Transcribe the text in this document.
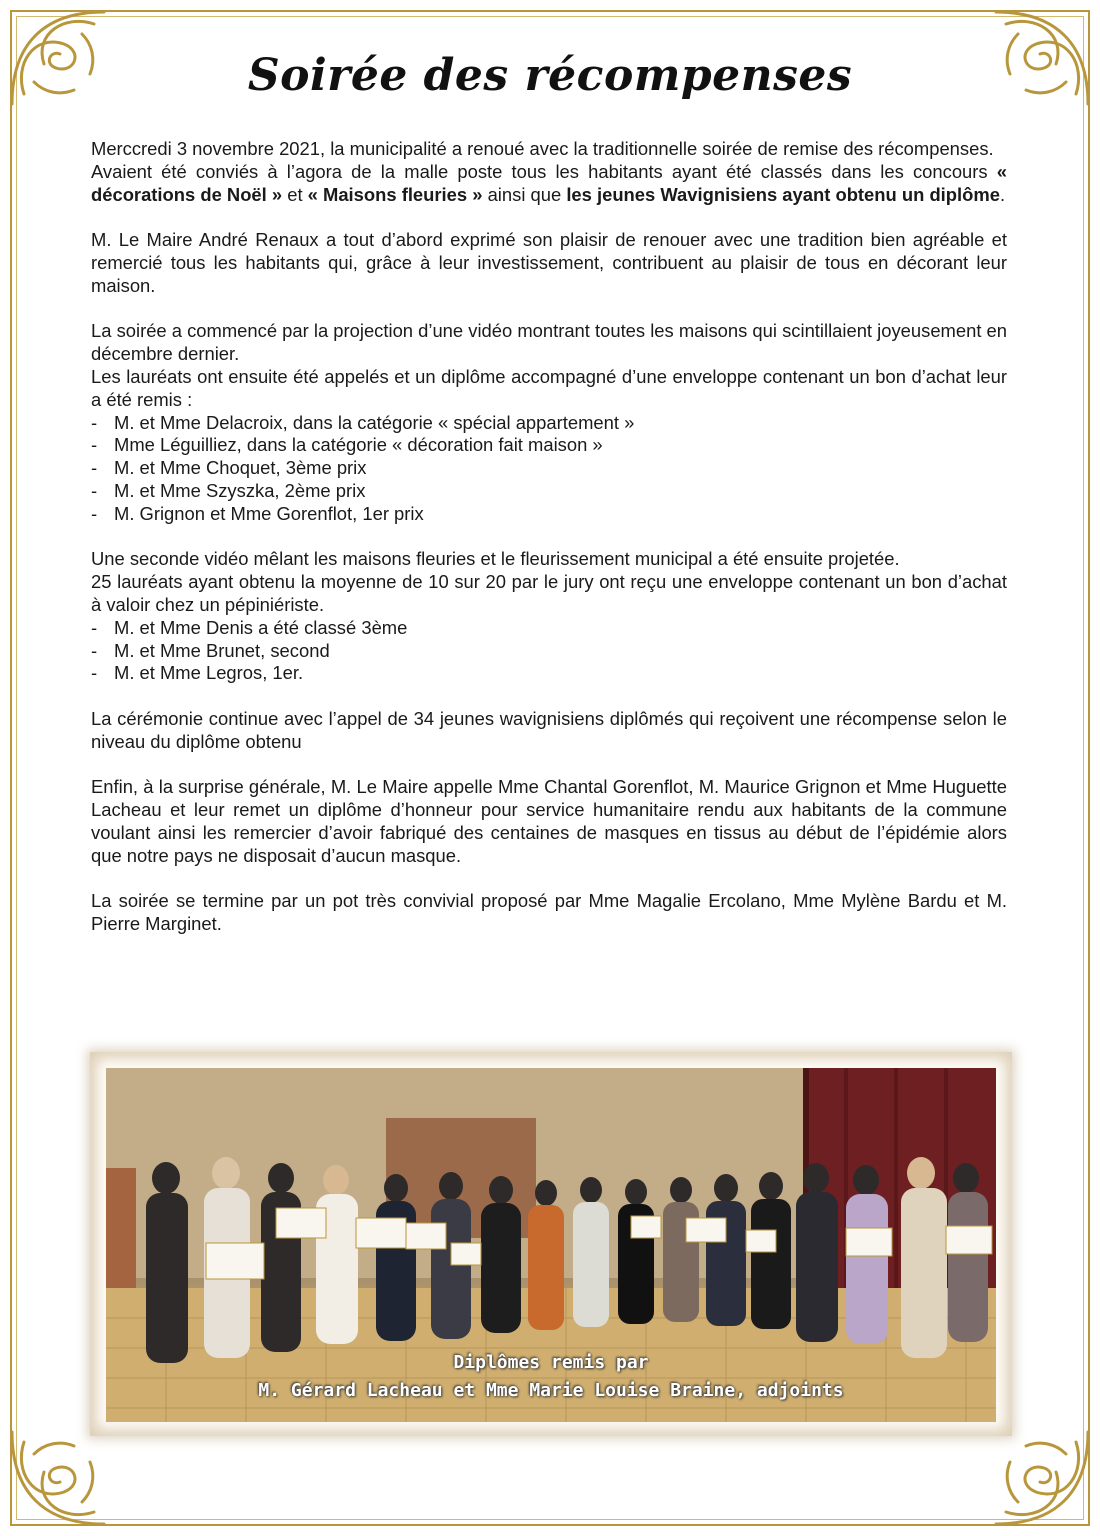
Soirée des récompenses

Merccredi 3 novembre 2021, la municipalité a renoué avec la traditionnelle soirée de remise des récompenses.

Avaient été conviés à l’agora de la malle poste tous les habitants ayant été classés dans les concours « décorations de Noël » et « Maisons fleuries » ainsi que les jeunes Wavignisiens ayant obtenu un diplôme.

M. Le Maire André Renaux a tout d’abord exprimé son plaisir de renouer avec une tradition bien agréable et remercié tous les habitants qui, grâce à leur investissement, contribuent au plaisir de tous en décorant leur maison.

La soirée a commencé par la projection d’une vidéo montrant toutes les maisons qui scintillaient joyeusement en décembre dernier.

Les lauréats ont ensuite été appelés et un diplôme accompagné d’une enveloppe contenant un bon d’achat leur a été remis :

- M. et Mme Delacroix, dans la catégorie « spécial appartement »
- Mme Léguilliez, dans la catégorie « décoration fait maison »
- M. et Mme Choquet, 3ème prix
- M. et Mme Szyszka, 2ème prix
- M. Grignon et Mme Gorenflot, 1er prix

Une seconde vidéo mêlant les maisons fleuries et le fleurissement municipal a été ensuite projetée.

25 lauréats ayant obtenu la moyenne de 10 sur 20 par le jury ont reçu une enveloppe contenant un bon d’achat à valoir chez un pépiniériste.

- M. et Mme Denis a été classé 3ème
- M. et Mme Brunet, second
- M. et Mme Legros, 1er.

La cérémonie continue avec l’appel de 34 jeunes wavignisiens diplômés qui reçoivent une récompense selon le niveau du diplôme obtenu

Enfin, à la surprise générale, M. Le Maire appelle Mme Chantal Gorenflot, M. Maurice Grignon et Mme Huguette Lacheau et leur remet un diplôme d’honneur pour service humanitaire rendu aux habitants de la commune voulant ainsi les remercier d’avoir fabriqué des centaines de masques en tissus au début de l’épidémie alors que notre pays ne disposait d’aucun masque.

La soirée se termine par un pot très convivial proposé par Mme Magalie Ercolano, Mme Mylène Bardu et M. Pierre Marginet.

Diplômes remis par
M. Gérard Lacheau et Mme Marie Louise Braine, adjoints
